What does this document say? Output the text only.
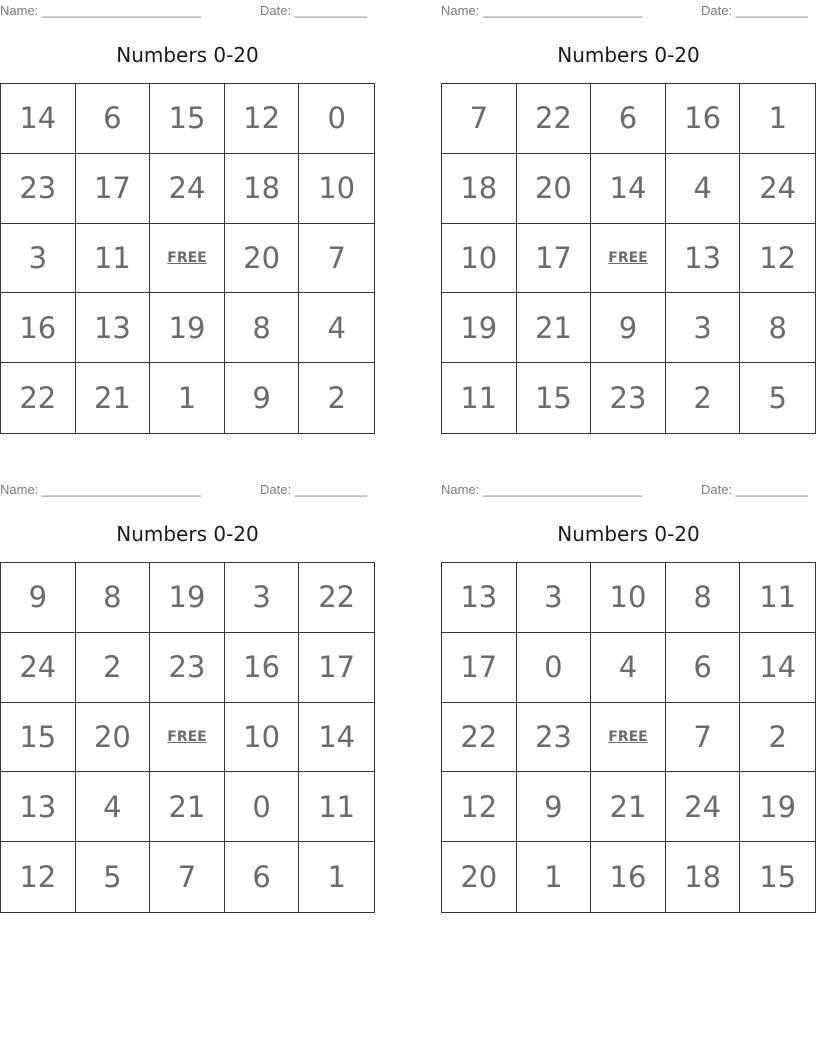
Name: ______________________	Date: __________
Numbers 0-20
14	6	15	12	0
23	17	24	18	10
3	11	FREE	20	7
16	13	19	8	4
22	21	1	9	2
Name: ______________________	Date: __________
Numbers 0-20
7	22	6	16	1
18	20	14	4	24
10	17	FREE	13	12
19	21	9	3	8
11	15	23	2	5
Name: ______________________	Date: __________
Numbers 0-20
9	8	19	3	22
24	2	23	16	17
15	20	FREE	10	14
13	4	21	0	11
12	5	7	6	1
Name: ______________________	Date: __________
Numbers 0-20
13	3	10	8	11
17	0	4	6	14
22	23	FREE	7	2
12	9	21	24	19
20	1	16	18	15
